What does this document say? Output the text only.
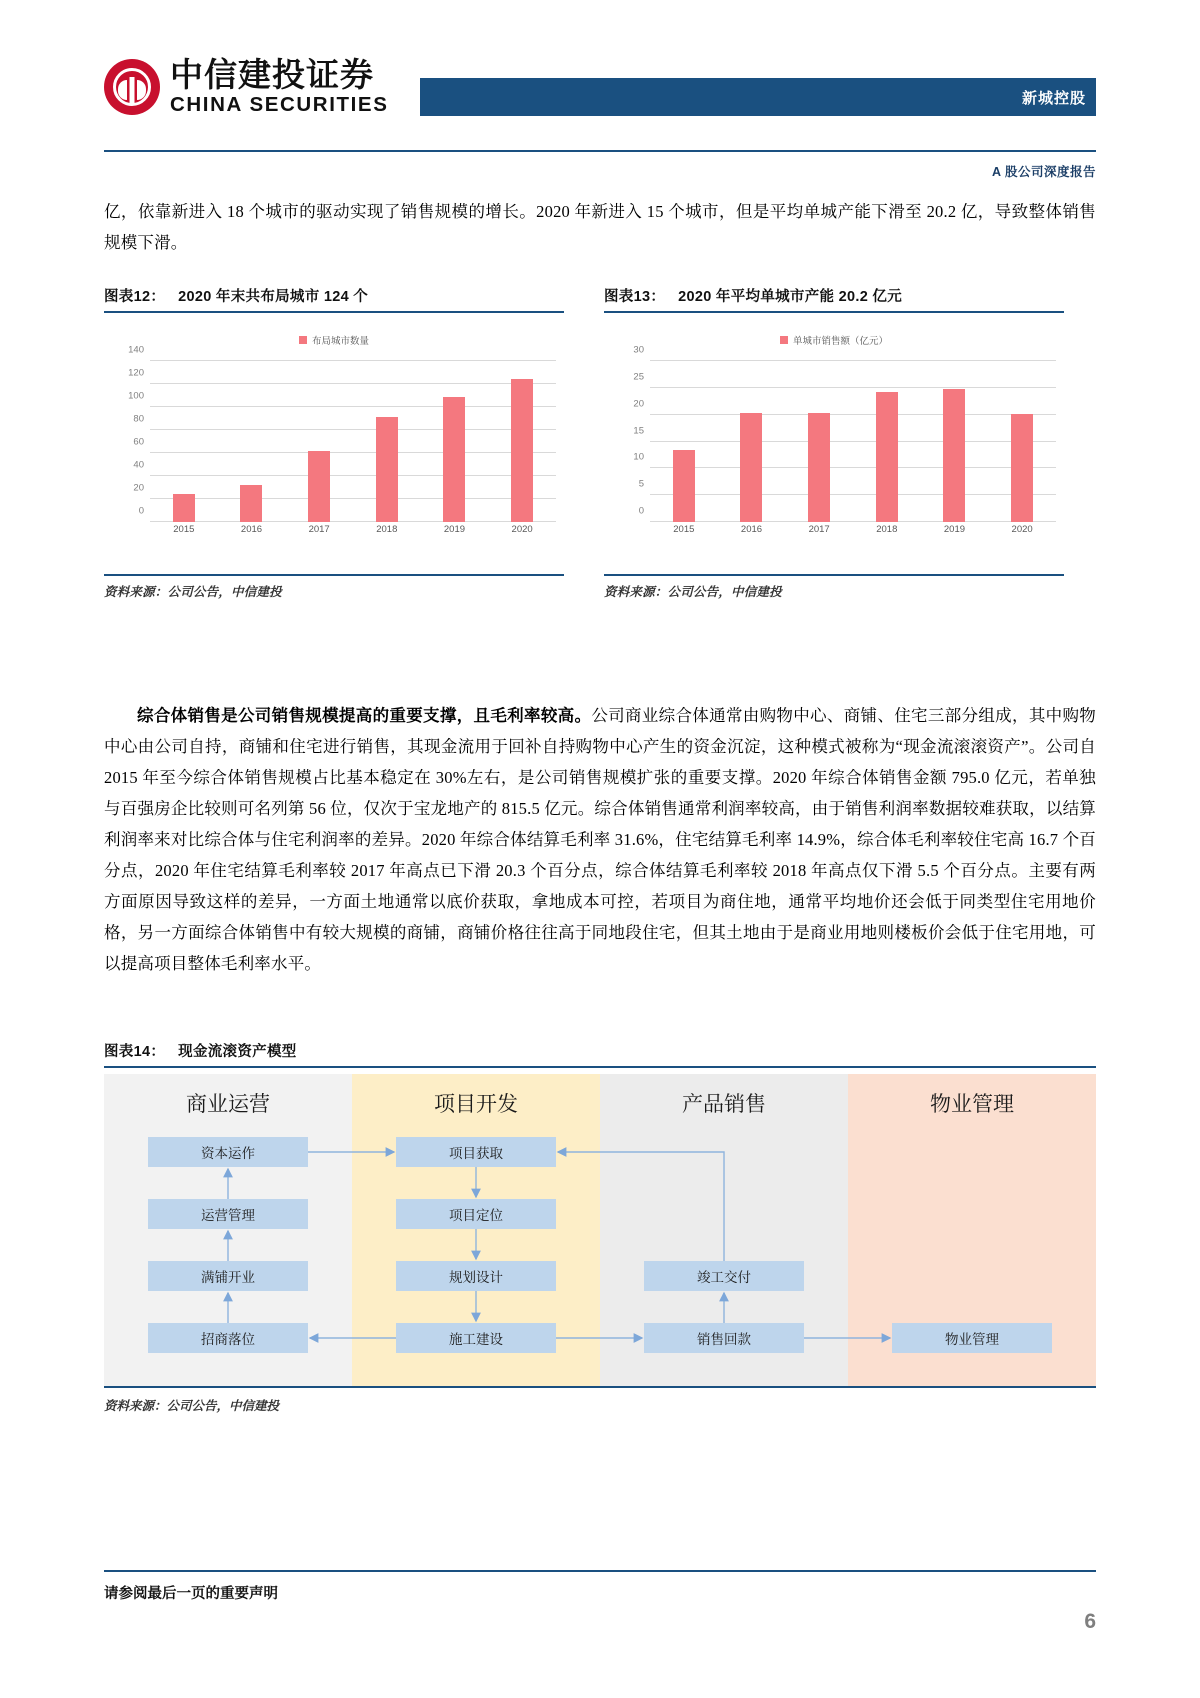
中信建投证券
CHINA SECURITIES	新城控股
A 股公司深度报告

亿，依靠新进入 18 个城市的驱动实现了销售规模的增长。2020 年新进入 15 个城市，但是平均单城产能下滑至 20.2 亿，导致整体销售规模下滑。

图表12： 2020 年末共布局城市 124 个
布局城市数量
140
120
100
80
60
40
20
0
2015	2016	2017	2018	2019	2020
资料来源：公司公告，中信建投
图表13： 2020 年平均单城市产能 20.2 亿元
单城市销售额（亿元）
30
25
20
15
10
5
0
2015	2016	2017	2018	2019	2020
资料来源：公司公告，中信建投

综合体销售是公司销售规模提高的重要支撑，且毛利率较高。公司商业综合体通常由购物中心、商铺、住宅三部分组成，其中购物中心由公司自持，商铺和住宅进行销售，其现金流用于回补自持购物中心产生的资金沉淀，这种模式被称为“现金流滚滚资产”。公司自 2015 年至今综合体销售规模占比基本稳定在 30%左右，是公司销售规模扩张的重要支撑。2020 年综合体销售金额 795.0 亿元，若单独与百强房企比较则可名列第 56 位，仅次于宝龙地产的 815.5 亿元。综合体销售通常利润率较高，由于销售利润率数据较难获取，以结算利润率来对比综合体与住宅利润率的差异。2020 年综合体结算毛利率 31.6%，住宅结算毛利率 14.9%，综合体毛利率较住宅高 16.7 个百分点，2020 年住宅结算毛利率较 2017 年高点已下滑 20.3 个百分点，综合体结算毛利率较 2018 年高点仅下滑 5.5 个百分点。主要有两方面原因导致这样的差异，一方面土地通常以底价获取，拿地成本可控，若项目为商住地，通常平均地价还会低于同类型住宅用地价格，另一方面综合体销售中有较大规模的商铺，商铺价格往往高于同地段住宅，但其土地由于是商业用地则楼板价会低于住宅用地，可以提高项目整体毛利率水平。

图表14： 现金流滚资产模型
商业运营	项目开发	产品销售	物业管理
资本运作
运营管理
满铺开业
招商落位
项目获取
项目定位
规划设计
施工建设
竣工交付
销售回款	物业管理
资料来源：公司公告，中信建投
请参阅最后一页的重要声明
6
